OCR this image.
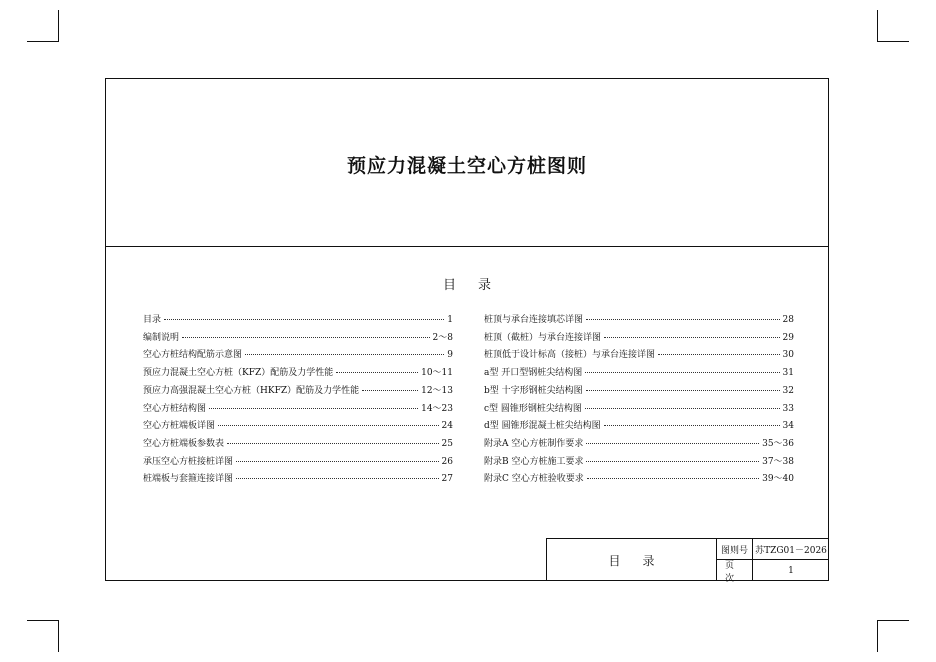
预应力混凝土空心方桩图则
目录
目录	1
编制说明	2～8
空心方桩结构配筋示意图	9
预应力混凝土空心方桩（KFZ）配筋及力学性能	10～11
预应力高强混凝土空心方桩（HKFZ）配筋及力学性能	12～13
空心方桩结构图	14～23
空心方桩端板详图	24
空心方桩端板参数表	25
承压空心方桩接桩详图	26
桩端板与套箍连接详图	27
桩顶与承台连接填芯详图	28
桩顶（截桩）与承台连接详图	29
桩顶低于设计标高（接桩）与承台连接详图	30
a型 开口型钢桩尖结构图	31
b型 十字形钢桩尖结构图	32
c型 圆锥形钢桩尖结构图	33
d型 圆锥形混凝土桩尖结构图	34
附录A 空心方桩制作要求	35～36
附录B 空心方桩施工要求	37～38
附录C 空心方桩验收要求	39～40
目录
图则号 苏TZG01－2026
页次
1
